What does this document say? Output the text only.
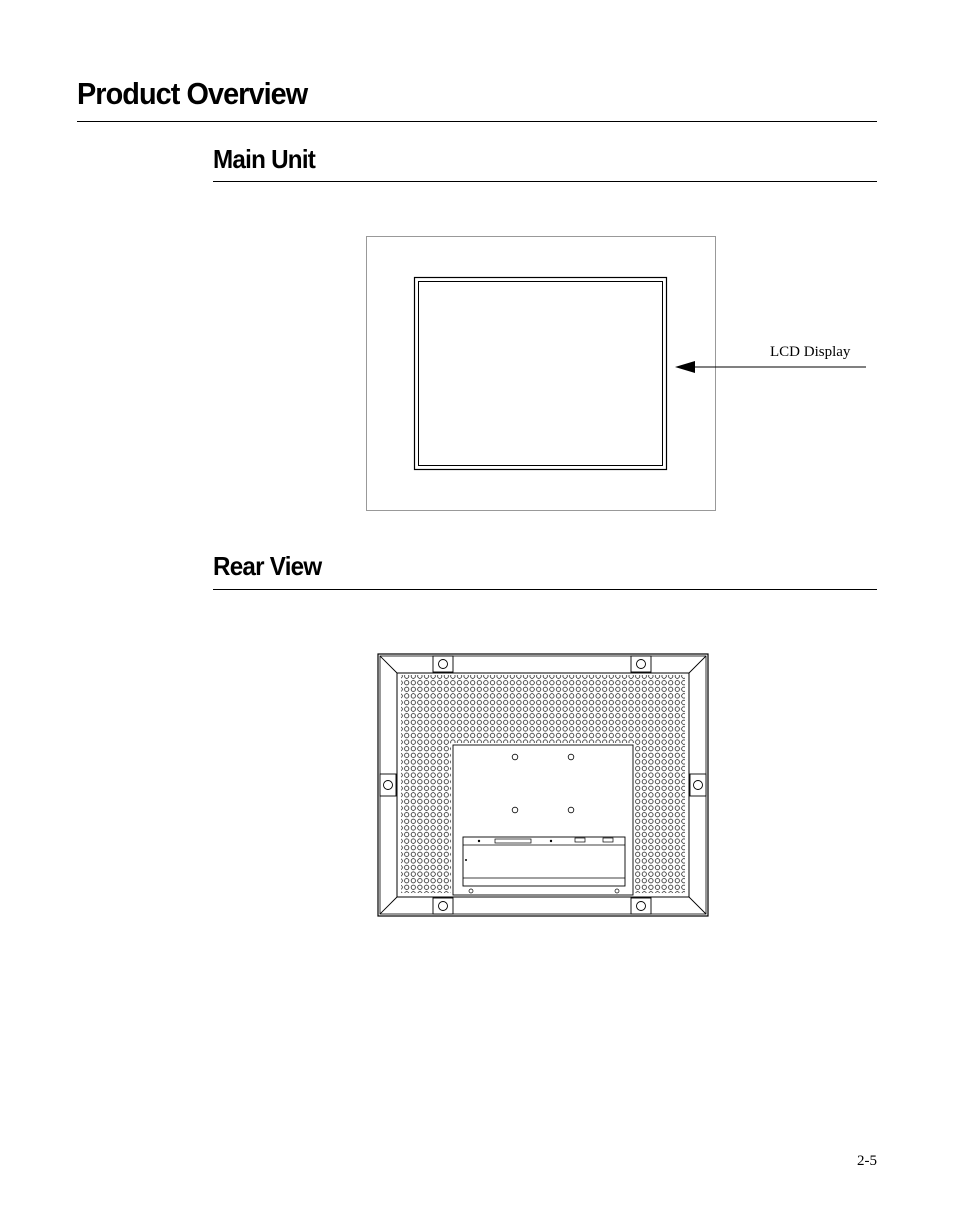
Product Overview
Main Unit
LCD Display
Rear View
2-5
